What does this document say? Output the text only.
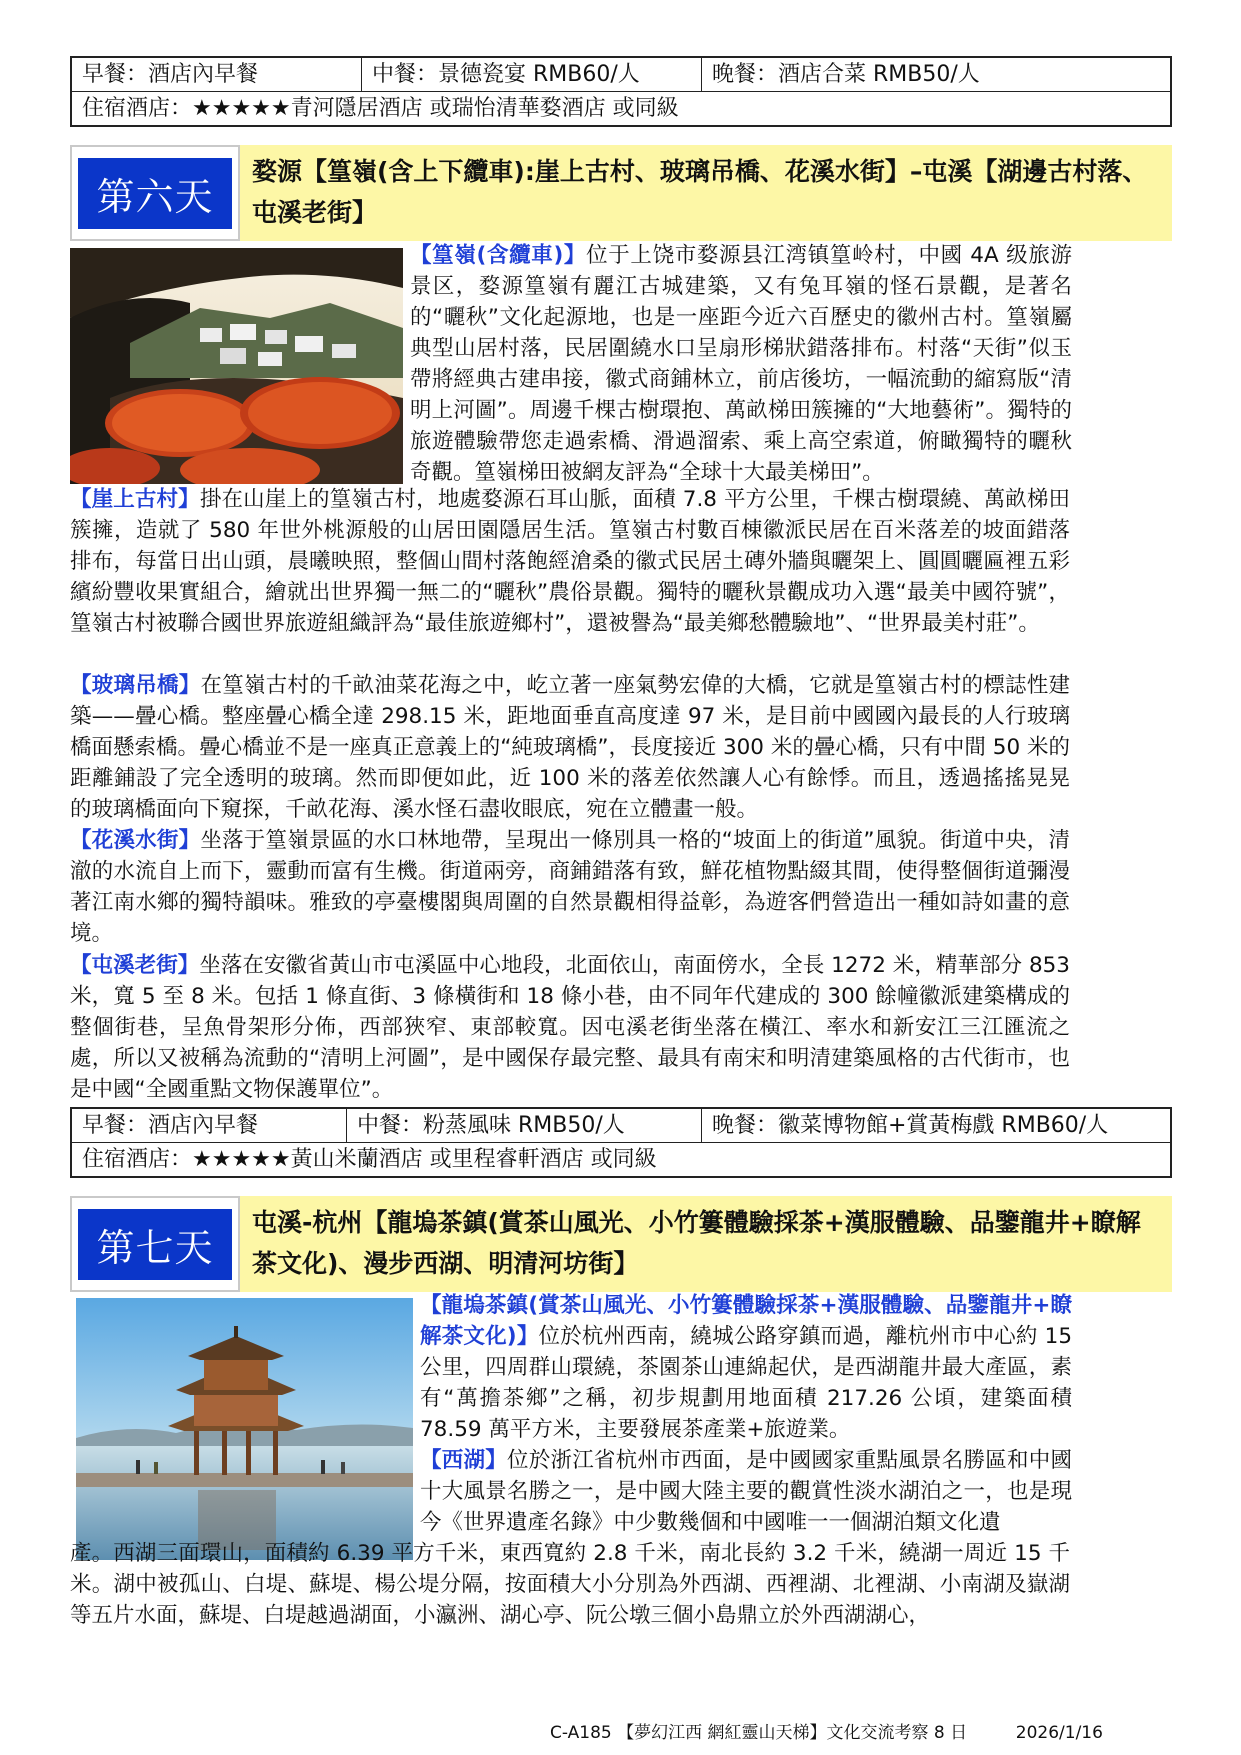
早餐：酒店內早餐	中餐：景德瓷宴 RMB60/人	晚餐：酒店合菜 RMB50/人
住宿酒店：★★★★★青河隱居酒店 或瑞怡清華婺酒店 或同級
第六天
婺源【篁嶺(含上下纜車):崖上古村、玻璃吊橋、花溪水街】–屯溪【湖邊古村落、屯溪老街】
【篁嶺(含纜車)】位于上饶市婺源县江湾镇篁岭村，中國 4A 级旅游景区，婺源篁嶺有麗江古城建築，又有兔耳嶺的怪石景觀，是著名的“曬秋”文化起源地，也是一座距今近六百歷史的徽州古村。篁嶺屬典型山居村落，民居圍繞水口呈扇形梯狀錯落排布。村落“天街”似玉帶將經典古建串接，徽式商鋪林立，前店後坊，一幅流動的縮寫版“清明上河圖”。周邊千棵古樹環抱、萬畝梯田簇擁的“大地藝術”。獨特的旅遊體驗帶您走過索橋、滑過溜索、乘上高空索道，俯瞰獨特的曬秋奇觀。篁嶺梯田被網友評為“全球十大最美梯田”。
【崖上古村】掛在山崖上的篁嶺古村，地處婺源石耳山脈，面積 7.8 平方公里，千棵古樹環繞、萬畝梯田簇擁，造就了 580 年世外桃源般的山居田園隱居生活。篁嶺古村數百棟徽派民居在百米落差的坡面錯落排布，每當日出山頭，晨曦映照，整個山間村落飽經滄桑的徽式民居土磚外牆與曬架上、圓圓曬匾裡五彩繽紛豐收果實組合，繪就出世界獨一無二的“曬秋”農俗景觀。獨特的曬秋景觀成功入選“最美中國符號”，篁嶺古村被聯合國世界旅遊組織評為“最佳旅遊鄉村”，還被譽為“最美鄉愁體驗地”、“世界最美村莊”。
【玻璃吊橋】在篁嶺古村的千畝油菜花海之中，屹立著一座氣勢宏偉的大橋，它就是篁嶺古村的標誌性建築——曡心橋。整座曡心橋全達 298.15 米，距地面垂直高度達 97 米，是目前中國國內最長的人行玻璃橋面懸索橋。曡心橋並不是一座真正意義上的“純玻璃橋”，長度接近 300 米的曡心橋，只有中間 50 米的距離鋪設了完全透明的玻璃。然而即便如此，近 100 米的落差依然讓人心有餘悸。而且，透過搖搖晃晃的玻璃橋面向下窺探，千畝花海、溪水怪石盡收眼底，宛在立體畫一般。
【花溪水街】坐落于篁嶺景區的水口林地帶，呈現出一條別具一格的“坡面上的街道”風貌。街道中央，清澈的水流自上而下，靈動而富有生機。街道兩旁，商鋪錯落有致，鮮花植物點綴其間，使得整個街道彌漫著江南水鄉的獨特韻味。雅致的亭臺樓閣與周圍的自然景觀相得益彰，為遊客們營造出一種如詩如畫的意境。
【屯溪老街】坐落在安徽省黃山市屯溪區中心地段，北面依山，南面傍水，全長 1272 米，精華部分 853 米，寬 5 至 8 米。包括 1 條直街、3 條橫街和 18 條小巷，由不同年代建成的 300 餘幢徽派建築構成的整個街巷，呈魚骨架形分佈，西部狹窄、東部較寬。因屯溪老街坐落在橫江、率水和新安江三江匯流之處，所以又被稱為流動的“清明上河圖”，是中國保存最完整、最具有南宋和明清建築風格的古代街市，也是中國“全國重點文物保護單位”。
早餐：酒店內早餐	中餐：粉蒸風味 RMB50/人	晚餐：徽菜博物館+賞黃梅戲 RMB60/人
住宿酒店：★★★★★黃山米蘭酒店 或里程睿軒酒店 或同級
第七天
屯溪-杭州【龍塢茶鎮(賞茶山風光、小竹簍體驗採茶+漢服體驗、品鑒龍井+瞭解茶文化)、漫步西湖、明清河坊街】
【龍塢茶鎮(賞茶山風光、小竹簍體驗採茶+漢服體驗、品鑒龍井+瞭解茶文化)】位於杭州西南，繞城公路穿鎮而過，離杭州市中心約 15 公里，四周群山環繞，茶園茶山連綿起伏，是西湖龍井最大產區，素有“萬擔茶鄉”之稱，初步規劃用地面積 217.26 公頃，建築面積 78.59 萬平方米，主要發展茶產業+旅遊業。
【西湖】位於浙江省杭州市西面，是中國國家重點風景名勝區和中國十大風景名勝之一，是中國大陸主要的觀賞性淡水湖泊之一，也是現今《世界遺產名錄》中少數幾個和中國唯一一個湖泊類文化遺
產。西湖三面環山，面積約 6.39 平方千米，東西寬約 2.8 千米，南北長約 3.2 千米，繞湖一周近 15 千米。湖中被孤山、白堤、蘇堤、楊公堤分隔，按面積大小分別為外西湖、西裡湖、北裡湖、小南湖及嶽湖等五片水面，蘇堤、白堤越過湖面，小瀛洲、湖心亭、阮公墩三個小島鼎立於外西湖湖心，
C-A185 【夢幻江西 網紅靈山天梯】文化交流考察 8 日         2026/1/16
